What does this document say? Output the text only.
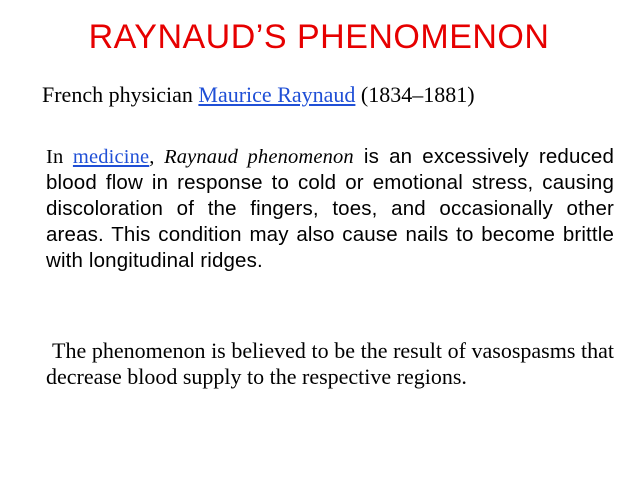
RAYNAUD’S PHENOMENON
French physician Maurice Raynaud (1834–1881)
In medicine, Raynaud phenomenon is an excessively reduced blood flow in response to cold or emotional stress, causing discoloration of the fingers, toes, and occasionally other areas. This condition may also cause nails to become brittle with longitudinal ridges.
The phenomenon is believed to be the result of vasospasms that decrease blood supply to the respective regions.
